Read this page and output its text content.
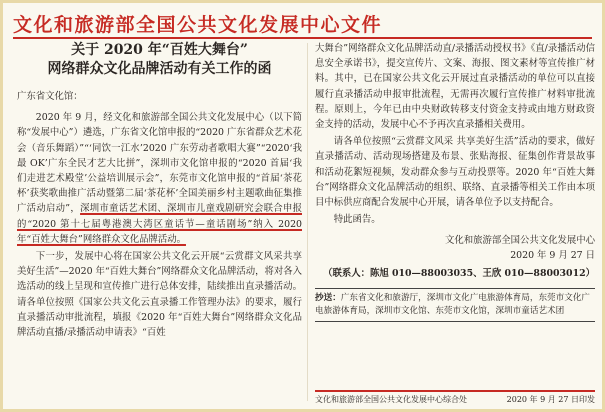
文化和旅游部全国公共文化发展中心文件
关于 2020 年“百姓大舞台”
网络群众文化品牌活动有关工作的函
广东省文化馆：

2020 年 9 月，经文化和旅游部全国公共文化发展中心（以下简称“发展中心”）遴选，广东省文化馆申报的“2020 广东省群众艺术花会（音乐舞蹈）”“‘同饮一江水’2020 广东劳动者歌唱大赛”“2020‘我最 OK’广东全民才艺大比拼”，深圳市文化馆申报的“2020 首届‘我们走进艺术殿堂’公益培训展示会”，东莞市文化馆申报的“首届‘茶花杯’获奖歌曲推广活动暨第二届‘茶花杯’全国美丽乡村主题歌曲征集推广活动启动”，深圳市童话艺术团、深圳市儿童戏剧研究会联合申报的“2020 第十七届粤港澳大湾区童话节—童话剧场”纳入 2020 年“百姓大舞台”网络群众文化品牌活动。

下一步，发展中心将在国家公共文化云开展“云赏群文风采共享美好生活”—2020 年“百姓大舞台”网络群众文化品牌活动，将对各入选活动的线上呈现和宣传推广进行总体安排，陆续推出直录播活动。请各单位按照《国家公共文化云直录播工作管理办法》的要求，履行直录播活动审批流程，填报《2020 年“百姓大舞台”网络群众文化品牌活动直播/录播活动申请表》“百姓

大舞台”网络群众文化品牌活动直/录播活动授权书》《直/录播活动信息安全承诺书》，提交宣传片、文案、海报、图文素材等宣传推广材料。其中，已在国家公共文化云开展过直录播活动的单位可以直接履行直录播活动申报审批流程，无需再次履行宣传推广材料审批流程。原则上，今年已由中央财政转移支付资金支持或由地方财政资金支持的活动，发展中心不予再次直录播相关费用。

请各单位按照“云赏群文风采 共享美好生活”活动的要求，做好直录播活动、活动现场搭建及布景、张贴海报、征集创作背景故事和活动花絮短视频，发动群众参与互动投票等。2020 年“百姓大舞台”网络群众文化品牌活动的组织、联络、直录播等相关工作由本项目中标供应商配合发展中心开展，请各单位予以支持配合。

特此函告。

文化和旅游部全国公共文化发展中心
2020 年 9 月 27 日
（联系人：陈旭 010—88003035、王欣 010—88003012）
抄送：广东省文化和旅游厅，深圳市文化广电旅游体育局，东莞市文化广电旅游体育局，深圳市文化馆、东莞市文化馆，深圳市童话艺术团
文化和旅游部全国公共文化发展中心综合处	2020 年 9 月 27 日印发
